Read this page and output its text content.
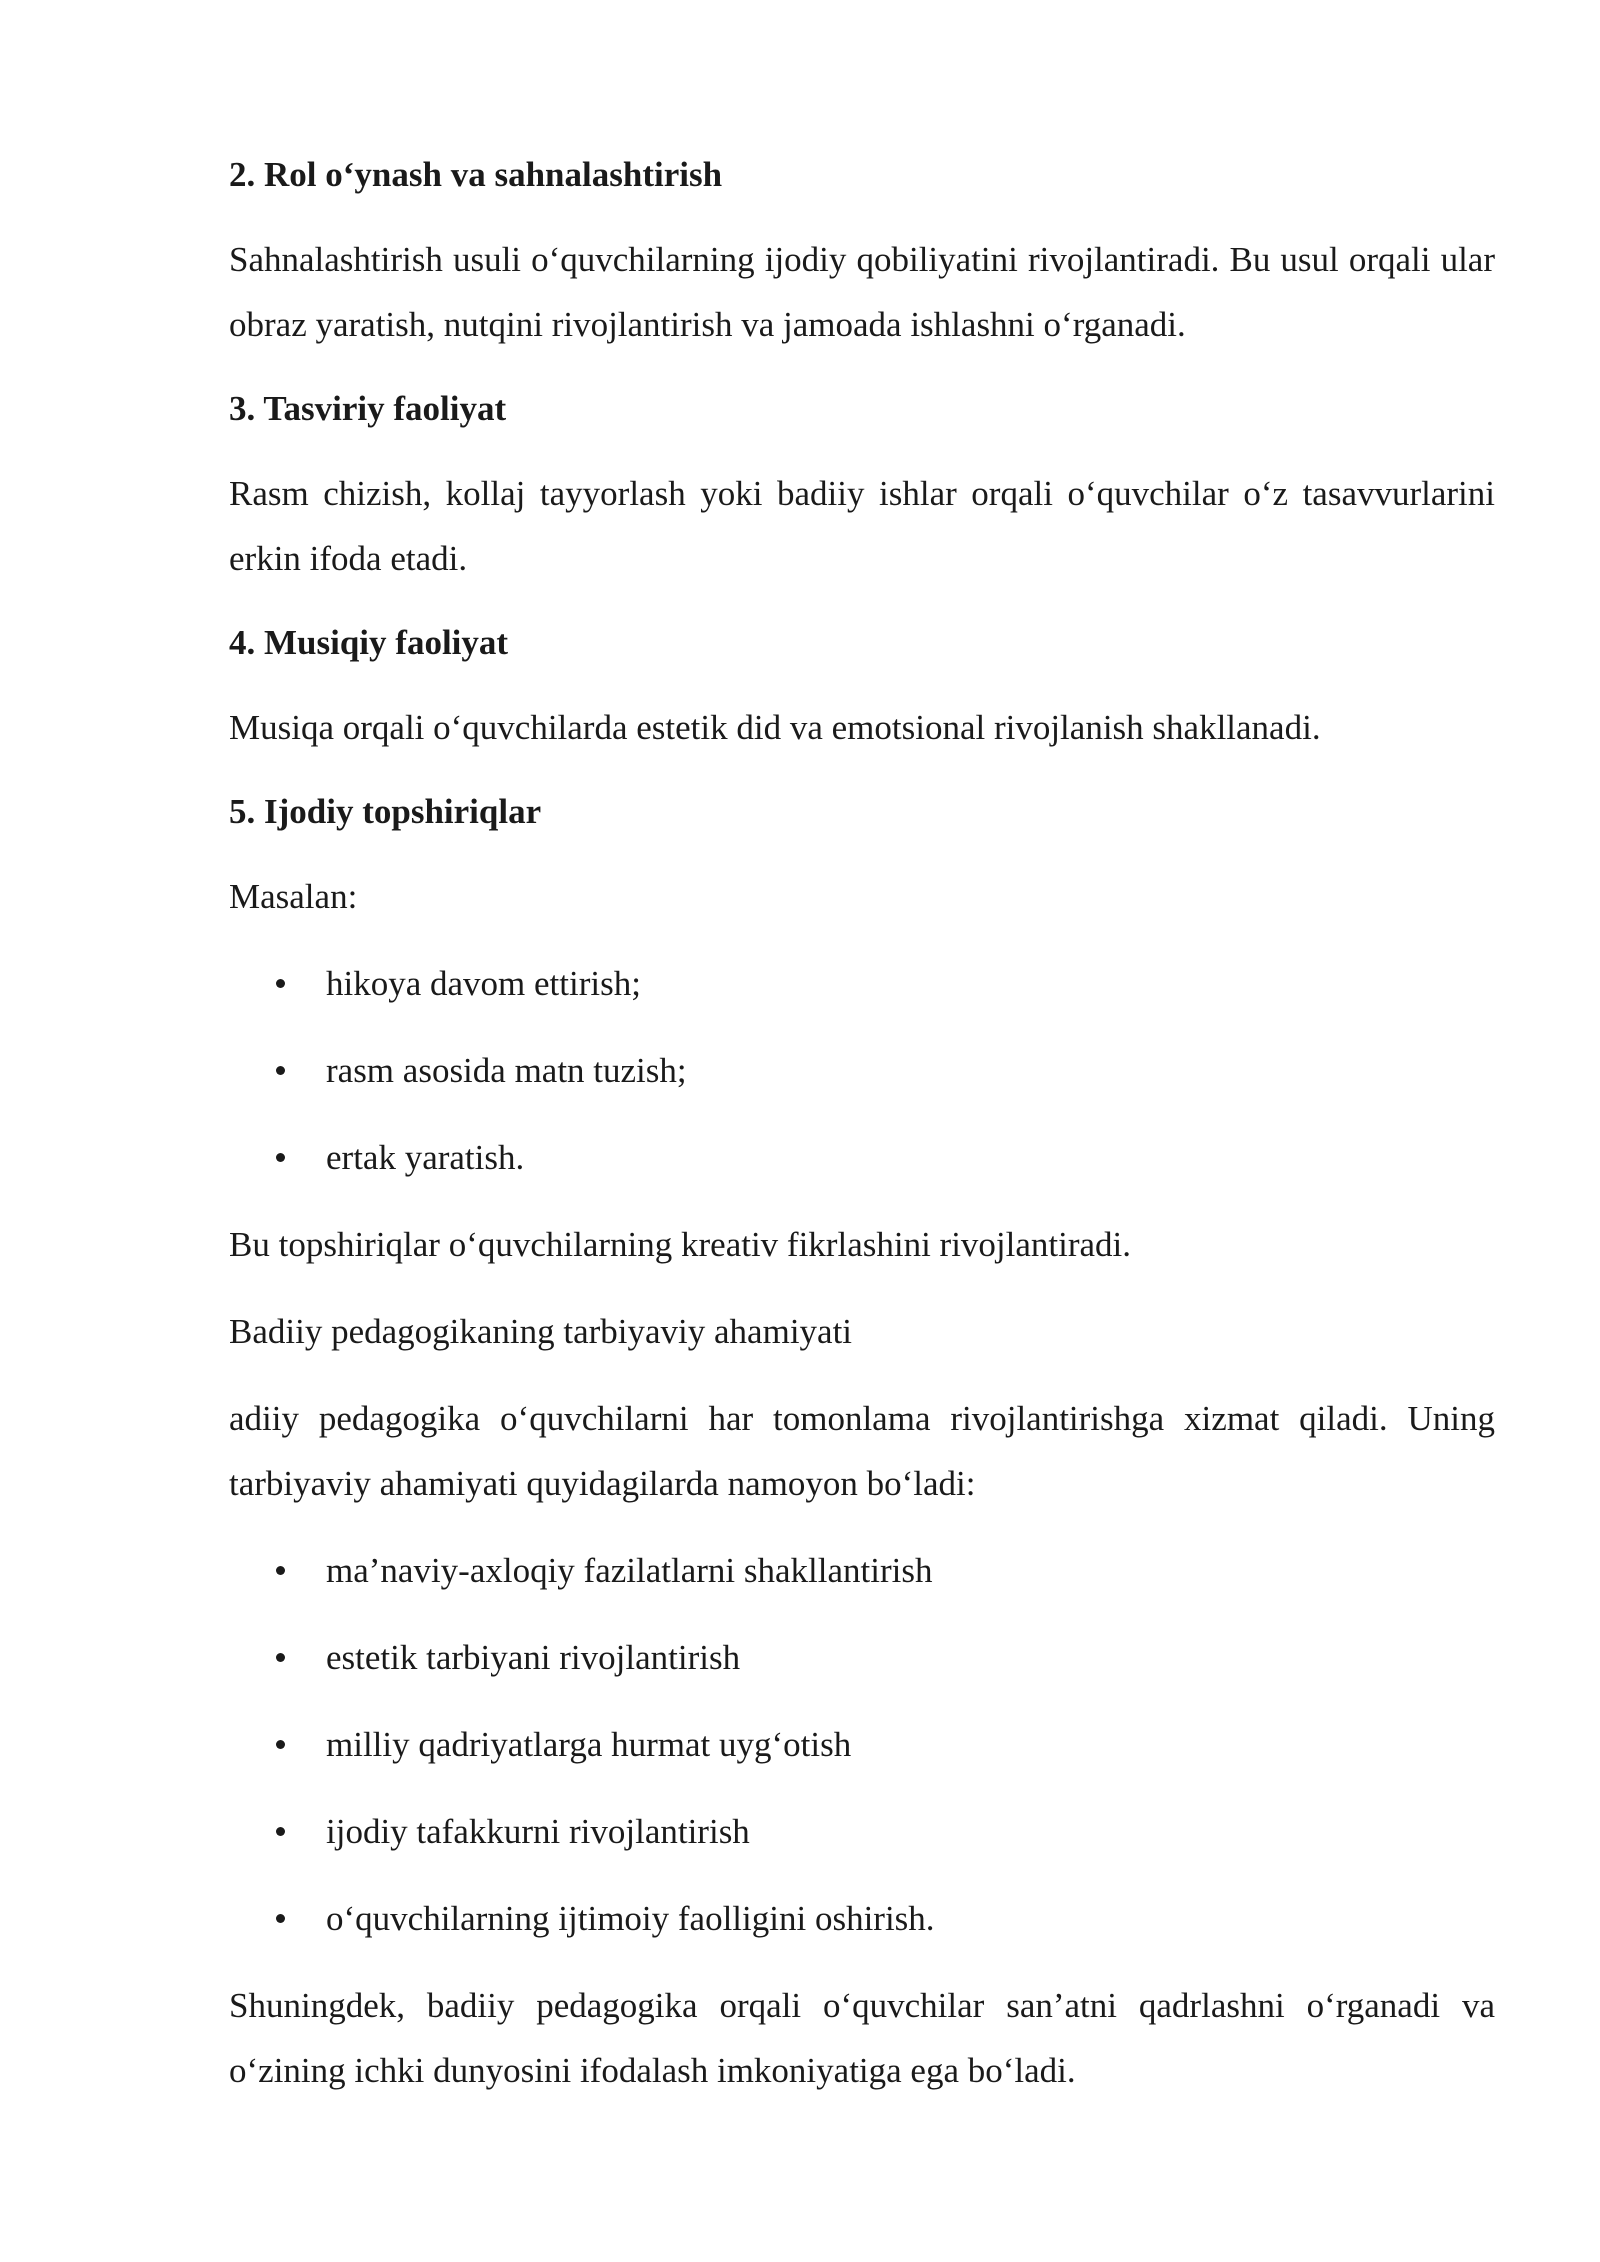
2. Rol o‘ynash va sahnalashtirish

Sahnalashtirish usuli o‘quvchilarning ijodiy qobiliyatini rivojlantiradi. Bu usul orqali ular obraz yaratish, nutqini rivojlantirish va jamoada ishlashni o‘rganadi.

3. Tasviriy faoliyat

Rasm chizish, kollaj tayyorlash yoki badiiy ishlar orqali o‘quvchilar o‘z tasavvurlarini erkin ifoda etadi.

4. Musiqiy faoliyat

Musiqa orqali o‘quvchilarda estetik did va emotsional rivojlanish shakllanadi.

5. Ijodiy topshiriqlar

Masalan:

hikoya davom ettirish;
rasm asosida matn tuzish;
ertak yaratish.

Bu topshiriqlar o‘quvchilarning kreativ fikrlashini rivojlantiradi.

Badiiy pedagogikaning tarbiyaviy ahamiyati

adiiy pedagogika o‘quvchilarni har tomonlama rivojlantirishga xizmat qiladi. Uning tarbiyaviy ahamiyati quyidagilarda namoyon bo‘ladi:

ma’naviy-axloqiy fazilatlarni shakllantirish
estetik tarbiyani rivojlantirish
milliy qadriyatlarga hurmat uyg‘otish
ijodiy tafakkurni rivojlantirish
o‘quvchilarning ijtimoiy faolligini oshirish.

Shuningdek, badiiy pedagogika orqali o‘quvchilar san’atni qadrlashni o‘rganadi va o‘zining ichki dunyosini ifodalash imkoniyatiga ega bo‘ladi.
